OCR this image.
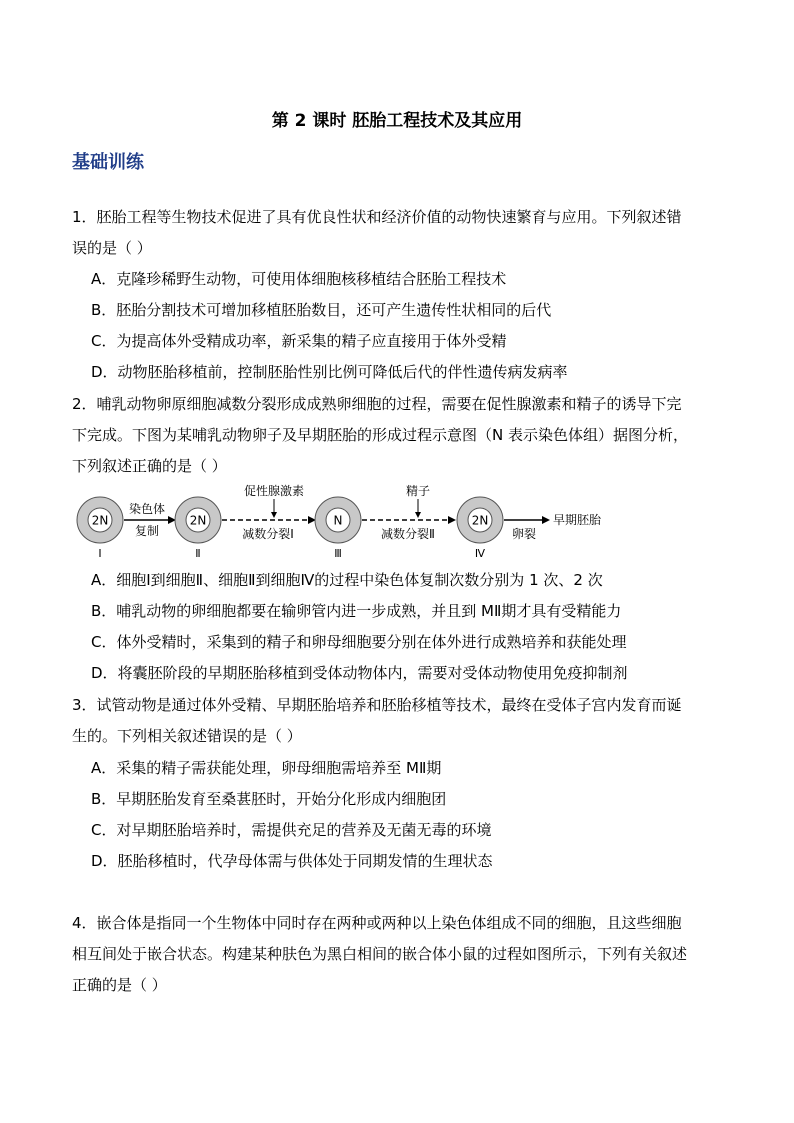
第 2 课时 胚胎工程技术及其应用
基础训练
1．胚胎工程等生物技术促进了具有优良性状和经济价值的动物快速繁育与应用。下列叙述错
误的是（ ）
A．克隆珍稀野生动物，可使用体细胞核移植结合胚胎工程技术
B．胚胎分割技术可增加移植胚胎数目，还可产生遗传性状相同的后代
C．为提高体外受精成功率，新采集的精子应直接用于体外受精
D．动物胚胎移植前，控制胚胎性别比例可降低后代的伴性遗传病发病率
2．哺乳动物卵原细胞减数分裂形成成熟卵细胞的过程，需要在促性腺激素和精子的诱导下完
下完成。下图为某哺乳动物卵子及早期胚胎的形成过程示意图（N 表示染色体组）据图分析，
下列叙述正确的是（ ）
2N
Ⅰ
染色体
复制
2N
Ⅱ
促性腺激素
减数分裂Ⅰ
N
Ⅲ
精子
减数分裂Ⅱ
2N
Ⅳ
卵裂
早期胚胎
A．细胞Ⅰ到细胞Ⅱ、细胞Ⅱ到细胞Ⅳ的过程中染色体复制次数分别为 1 次、2 次
B．哺乳动物的卵细胞都要在输卵管内进一步成熟，并且到 MⅡ期才具有受精能力
C．体外受精时，采集到的精子和卵母细胞要分别在体外进行成熟培养和获能处理
D．将囊胚阶段的早期胚胎移植到受体动物体内，需要对受体动物使用免疫抑制剂
3．试管动物是通过体外受精、早期胚胎培养和胚胎移植等技术，最终在受体子宫内发育而诞
生的。下列相关叙述错误的是（ ）
A．采集的精子需获能处理，卵母细胞需培养至 MⅡ期
B．早期胚胎发育至桑葚胚时，开始分化形成内细胞团
C．对早期胚胎培养时，需提供充足的营养及无菌无毒的环境
D．胚胎移植时，代孕母体需与供体处于同期发情的生理状态
4．嵌合体是指同一个生物体中同时存在两种或两种以上染色体组成不同的细胞，且这些细胞
相互间处于嵌合状态。构建某种肤色为黑白相间的嵌合体小鼠的过程如图所示，下列有关叙述
正确的是（ ）
